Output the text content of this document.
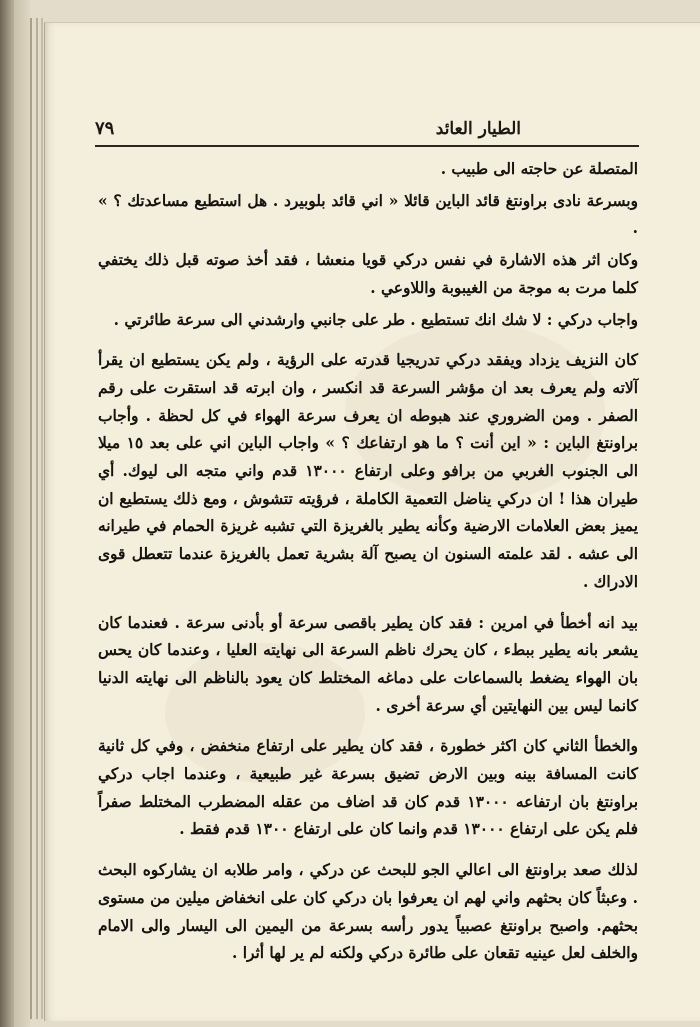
٧٩	الطيار العائد

المتصلة عن حاجته الى طبيب .

وبسرعة نادى براونتغ قائد الباين قائلا « اني قائد بلوبيرد . هل استطيع مساعدتك ؟ » .

وكان اثر هذه الاشارة في نفس دركي قويا منعشا ، فقد أخذ صوته قبل ذلك يختفي كلما مرت به موجة من الغيبوبة واللاوعي .

واجاب دركي : لا شك انك تستطيع . طر على جانبي وارشدني الى سرعة طائرتي .

كان النزيف يزداد ويفقد دركي تدريجيا قدرته على الرؤية ، ولم يكن يستطيع ان يقرأ آلاته ولم يعرف بعد ان مؤشر السرعة قد انكسر ، وان ابرته قد استقرت على رقم الصفر . ومن الضروري عند هبوطه ان يعرف سرعة الهواء في كل لحظة . وأجاب براونتغ الباين : « اين أنت ؟ ما هو ارتفاعك ؟ » واجاب الباين اني على بعد ١٥ ميلا الى الجنوب الغربي من برافو وعلى ارتفاع ١٣٠٠٠ قدم واني متجه الى ليوك. أي طيران هذا ! ان دركي يناضل التعمية الكاملة ، فرؤيته تتشوش ، ومع ذلك يستطيع ان يميز بعض العلامات الارضية وكأنه يطير بالغريزة التي تشبه غريزة الحمام في طيرانه الى عشه . لقد علمته السنون ان يصبح آلة بشرية تعمل بالغريزة عندما تتعطل قوى الادراك .

بيد انه أخطأ في امرين : فقد كان يطير باقصى سرعة أو بأدنى سرعة . فعندما كان يشعر بانه يطير ببطء ، كان يحرك ناظم السرعة الى نهايته العليا ، وعندما كان يحس بان الهواء يضغط بالسماعات على دماغه المختلط كان يعود بالناظم الى نهايته الدنيا كانما ليس بين النهايتين أي سرعة أخرى .

والخطأ الثاني كان اكثر خطورة ، فقد كان يطير على ارتفاع منخفض ، وفي كل ثانية كانت المسافة بينه وبين الارض تضيق بسرعة غير طبيعية ، وعندما اجاب دركي براونتغ بان ارتفاعه ١٣٠٠٠ قدم كان قد اضاف من عقله المضطرب المختلط صفراً فلم يكن على ارتفاع ١٣٠٠٠ قدم وانما كان على ارتفاع ١٣٠٠ قدم فقط .

لذلك صعد براونتغ الى اعالي الجو للبحث عن دركي ، وامر طلابه ان يشاركوه البحث . وعبثاً كان بحثهم واني لهم ان يعرفوا بان دركي كان على انخفاض ميلين من مستوى بحثهم. واصبح براونتغ عصبياً يدور رأسه بسرعة من اليمين الى اليسار والى الامام والخلف لعل عينيه تقعان على طائرة دركي ولكنه لم ير لها أثرا .
